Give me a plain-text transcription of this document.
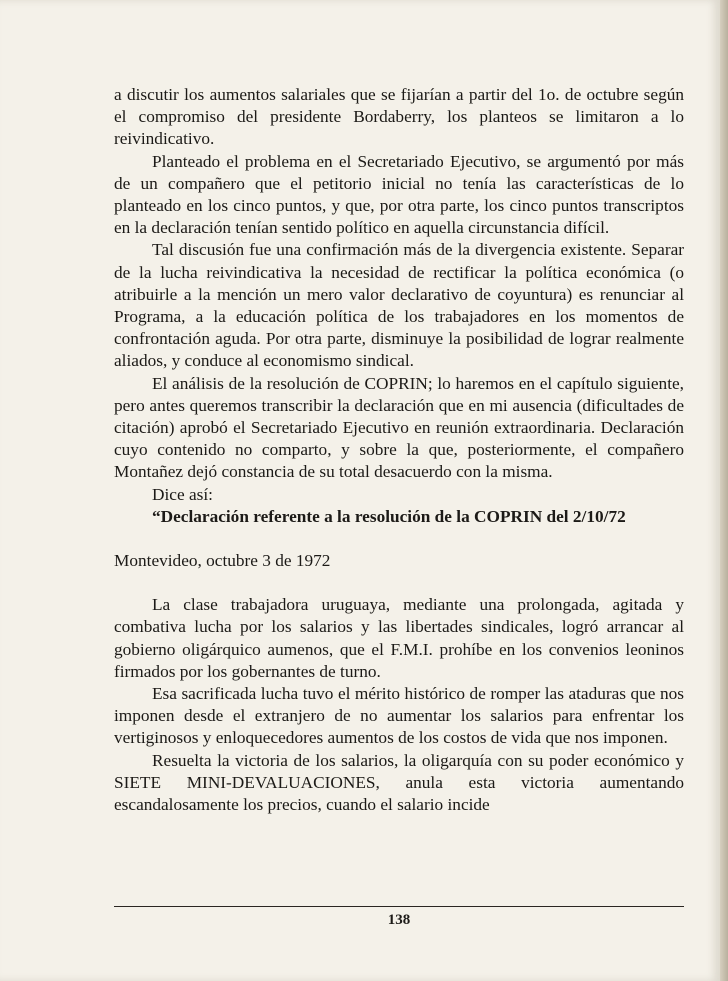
a discutir los aumentos salariales que se fijarían a partir del 1o. de octubre según el compromiso del presidente Bordaberry, los planteos se limitaron a lo reivindicativo.

Planteado el problema en el Secretariado Ejecutivo, se argumentó por más de un compañero que el petitorio inicial no tenía las características de lo planteado en los cinco puntos, y que, por otra parte, los cinco puntos transcriptos en la declaración tenían sentido político en aquella circunstancia difícil.

Tal discusión fue una confirmación más de la divergencia existente. Separar de la lucha reivindicativa la necesidad de rectificar la política económica (o atribuirle a la mención un mero valor declarativo de coyuntura) es renunciar al Programa, a la educación política de los trabajadores en los momentos de confrontación aguda. Por otra parte, disminuye la posibilidad de lograr realmente aliados, y conduce al economismo sindical.

El análisis de la resolución de COPRIN; lo haremos en el capítulo siguiente, pero antes queremos transcribir la declaración que en mi ausencia (dificultades de citación) aprobó el Secretariado Ejecutivo en reunión extraordinaria. Declaración cuyo contenido no comparto, y sobre la que, posteriormente, el compañero Montañez dejó constancia de su total desacuerdo con la misma.

Dice así:

“Declaración referente a la resolución de la COPRIN del 2/10/72

Montevideo, octubre 3 de 1972

La clase trabajadora uruguaya, mediante una prolongada, agitada y combativa lucha por los salarios y las libertades sindicales, logró arrancar al gobierno oligárquico aumenos, que el F.M.I. prohíbe en los convenios leoninos firmados por los gobernantes de turno.

Esa sacrificada lucha tuvo el mérito histórico de romper las ataduras que nos imponen desde el extranjero de no aumentar los salarios para enfrentar los vertiginosos y enloquecedores aumentos de los costos de vida que nos imponen.

Resuelta la victoria de los salarios, la oligarquía con su poder económico y SIETE MINI-DEVALUACIONES, anula esta victoria aumentando escandalosamente los precios, cuando el salario incide

138
